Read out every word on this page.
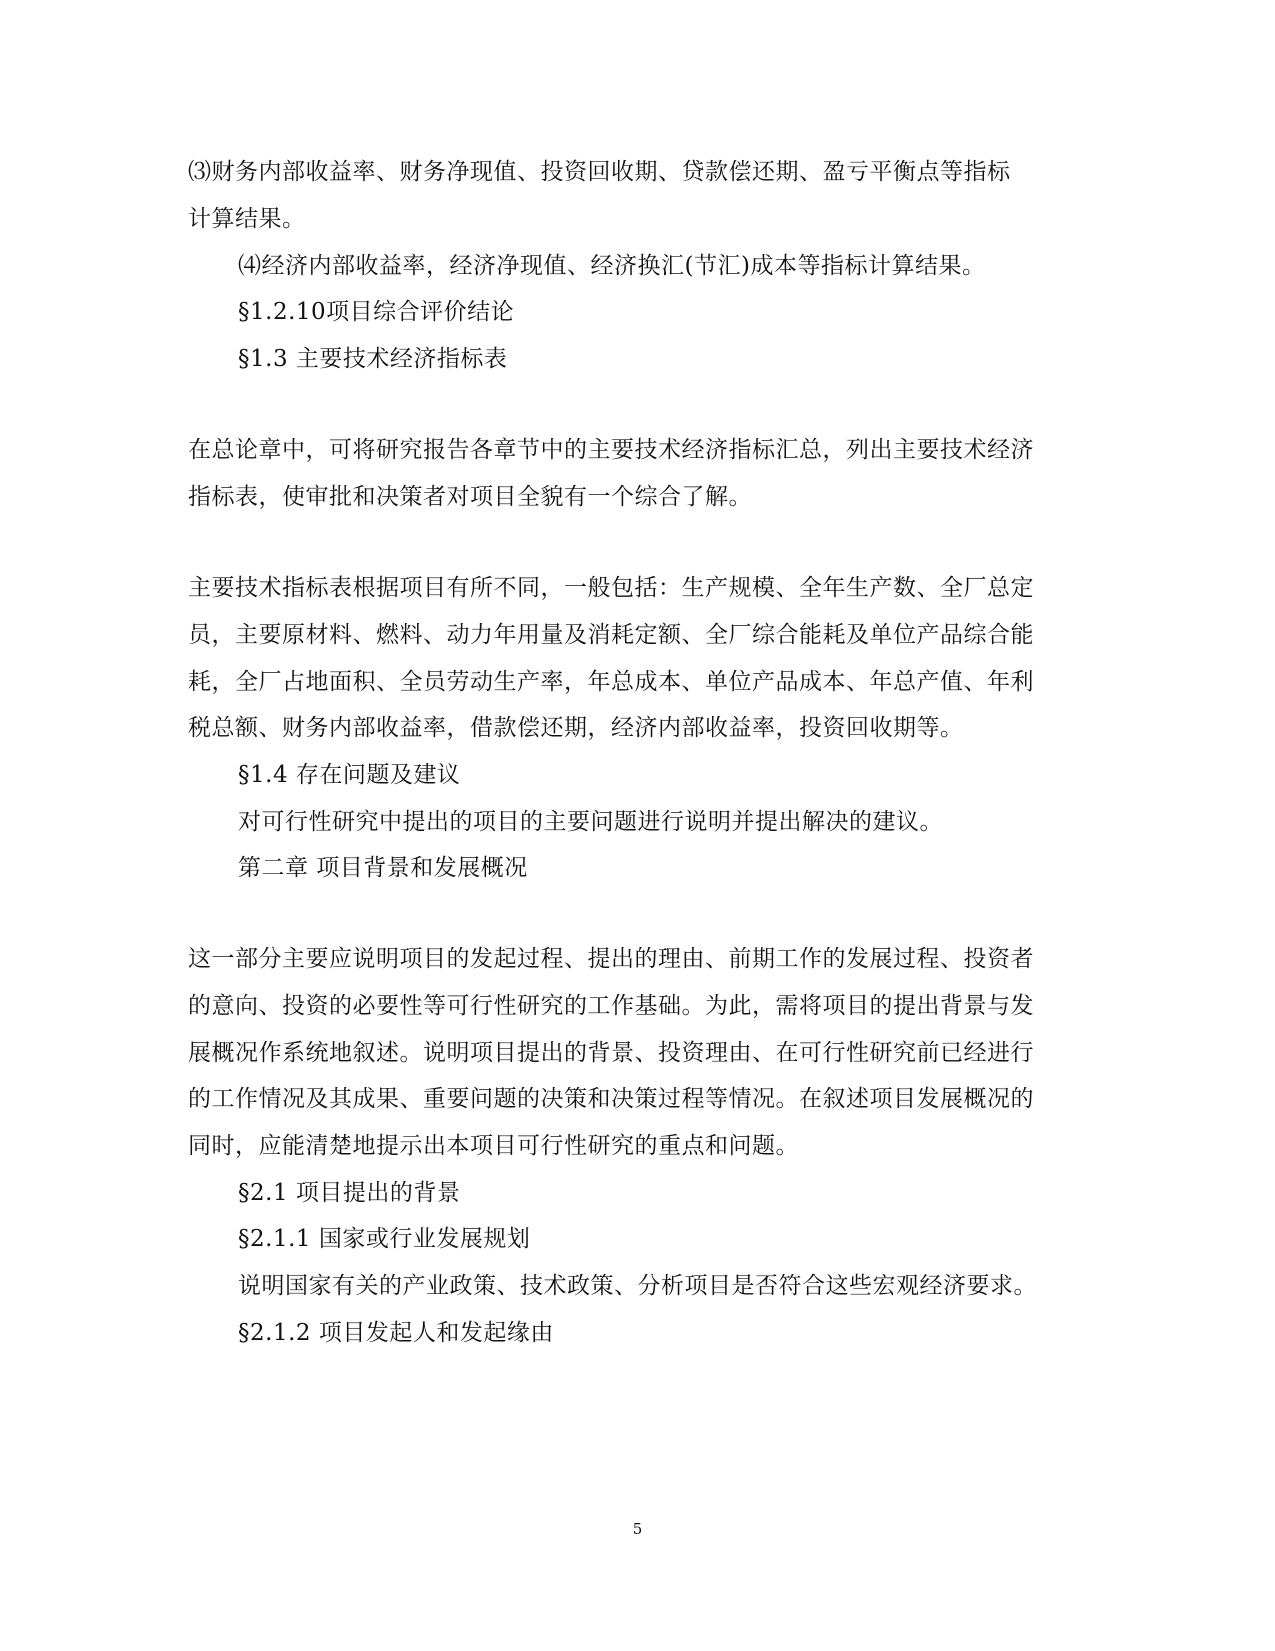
⑶财务内部收益率、财务净现值、投资回收期、贷款偿还期、盈亏平衡点等指标
计算结果。
⑷经济内部收益率，经济净现值、经济换汇(节汇)成本等指标计算结果。
§1.2.10项目综合评价结论
§1.3 主要技术经济指标表
在总论章中，可将研究报告各章节中的主要技术经济指标汇总，列出主要技术经济
指标表，使审批和决策者对项目全貌有一个综合了解。
主要技术指标表根据项目有所不同，一般包括：生产规模、全年生产数、全厂总定
员，主要原材料、燃料、动力年用量及消耗定额、全厂综合能耗及单位产品综合能
耗，全厂占地面积、全员劳动生产率，年总成本、单位产品成本、年总产值、年利
税总额、财务内部收益率，借款偿还期，经济内部收益率，投资回收期等。
§1.4 存在问题及建议
对可行性研究中提出的项目的主要问题进行说明并提出解决的建议。
第二章 项目背景和发展概况
这一部分主要应说明项目的发起过程、提出的理由、前期工作的发展过程、投资者
的意向、投资的必要性等可行性研究的工作基础。为此，需将项目的提出背景与发
展概况作系统地叙述。说明项目提出的背景、投资理由、在可行性研究前已经进行
的工作情况及其成果、重要问题的决策和决策过程等情况。在叙述项目发展概况的
同时，应能清楚地提示出本项目可行性研究的重点和问题。
§2.1 项目提出的背景
§2.1.1 国家或行业发展规划
说明国家有关的产业政策、技术政策、分析项目是否符合这些宏观经济要求。
§2.1.2 项目发起人和发起缘由
5
